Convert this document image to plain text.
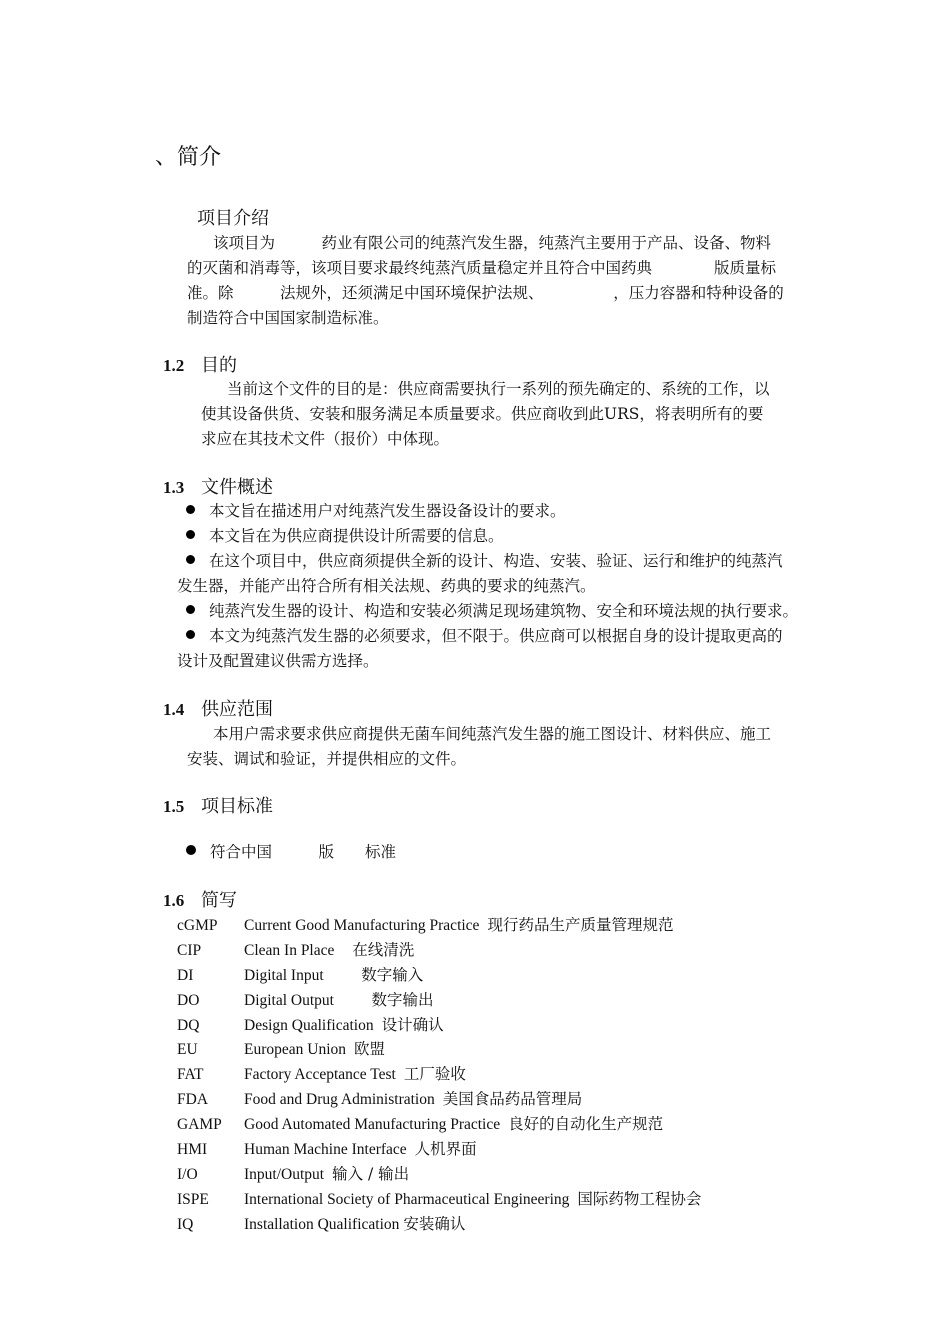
、简介
项目介绍
该项目为　　　药业有限公司的纯蒸汽发生器，纯蒸汽主要用于产品、设备、物料
的灭菌和消毒等，该项目要求最终纯蒸汽质量稳定并且符合中国药典　　　　版质量标
准。除　　　法规外，还须满足中国环境保护法规、　　　　　，压力容器和特种设备的
制造符合中国国家制造标准。
1.2 目的
当前这个文件的目的是：供应商需要执行一系列的预先确定的、系统的工作，以
使其设备供货、安装和服务满足本质量要求。供应商收到此URS，将表明所有的要
求应在其技术文件（报价）中体现。
1.3 文件概述
本文旨在描述用户对纯蒸汽发生器设备设计的要求。
本文旨在为供应商提供设计所需要的信息。
在这个项目中，供应商须提供全新的设计、构造、安装、验证、运行和维护的纯蒸汽
发生器，并能产出符合所有相关法规、药典的要求的纯蒸汽。
纯蒸汽发生器的设计、构造和安装必须满足现场建筑物、安全和环境法规的执行要求。
本文为纯蒸汽发生器的必须要求，但不限于。供应商可以根据自身的设计提取更高的
设计及配置建议供需方选择。
1.4 供应范围
本用户需求要求供应商提供无菌车间纯蒸汽发生器的施工图设计、材料供应、施工
安装、调试和验证，并提供相应的文件。
1.5 项目标准
符合中国　　　版　　标准
1.6 简写
cGMP Current Good Manufacturing Practice 现行药品生产质量管理规范
CIP	Clean In Place  在线清洗
DI	Digital Input      数字输入
DO	Digital Output      数字输出
DQ	Design Qualification 设计确认
EU	European Union 欧盟
FAT	Factory Acceptance Test 工厂验收
FDA Food and Drug Administration 美国食品药品管理局
GAMP Good Automated Manufacturing Practice 良好的自动化生产规范
HMI Human Machine Interface 人机界面
I/O	Input/Output 输入 / 输出
ISPE International Society of Pharmaceutical Engineering 国际药物工程协会
IQ	Installation Qualification 安装确认
